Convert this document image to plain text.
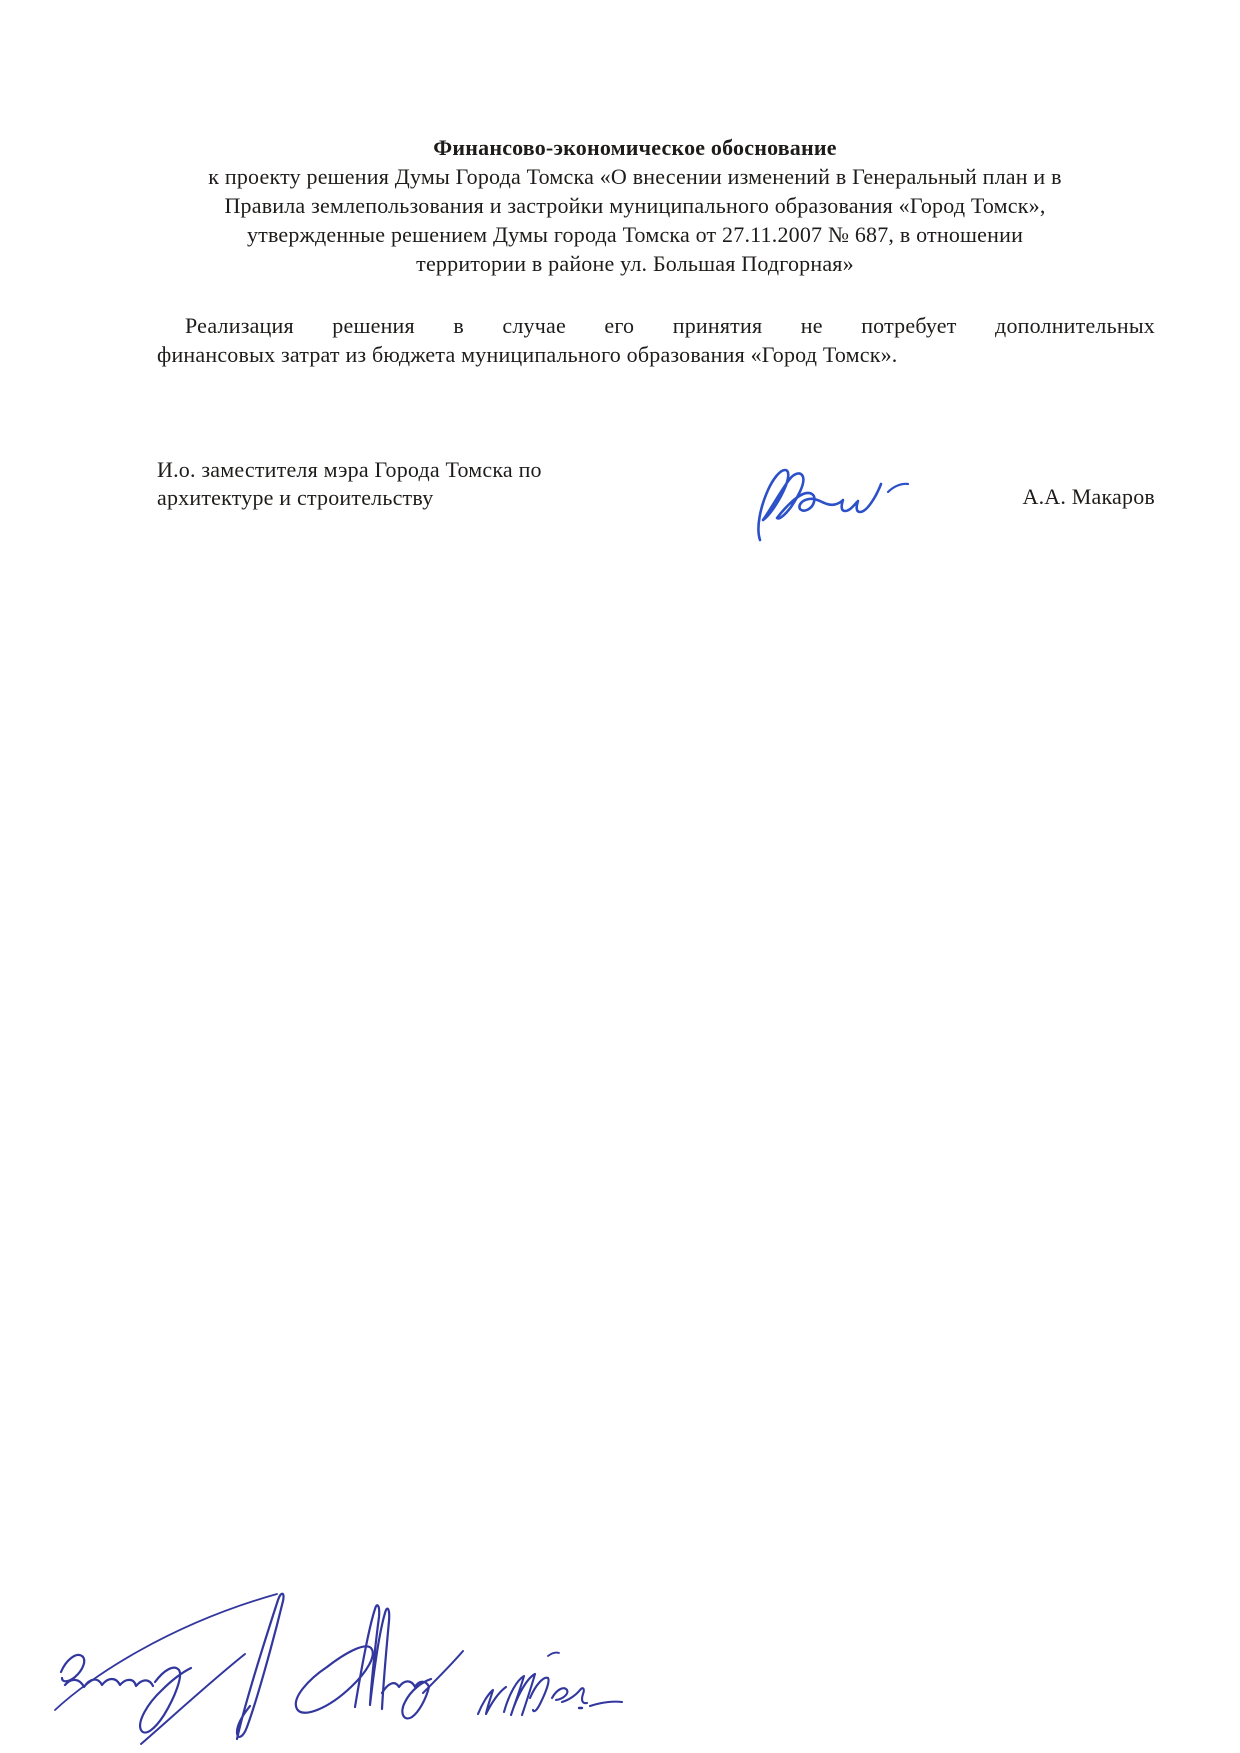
Финансово-экономическое обоснование
к проекту решения Думы Города Томска «О внесении изменений в Генеральный план и в
Правила землепользования и застройки муниципального образования «Город Томск»,
утвержденные решением Думы города Томска от 27.11.2007 № 687, в отношении
территории в районе ул. Большая Подгорная»
Реализация решения в случае его принятия не потребует дополнительных
финансовых затрат из бюджета муниципального образования «Город Томск».
И.о. заместителя мэра Города Томска по
архитектуре и строительству	А.А. Макаров
